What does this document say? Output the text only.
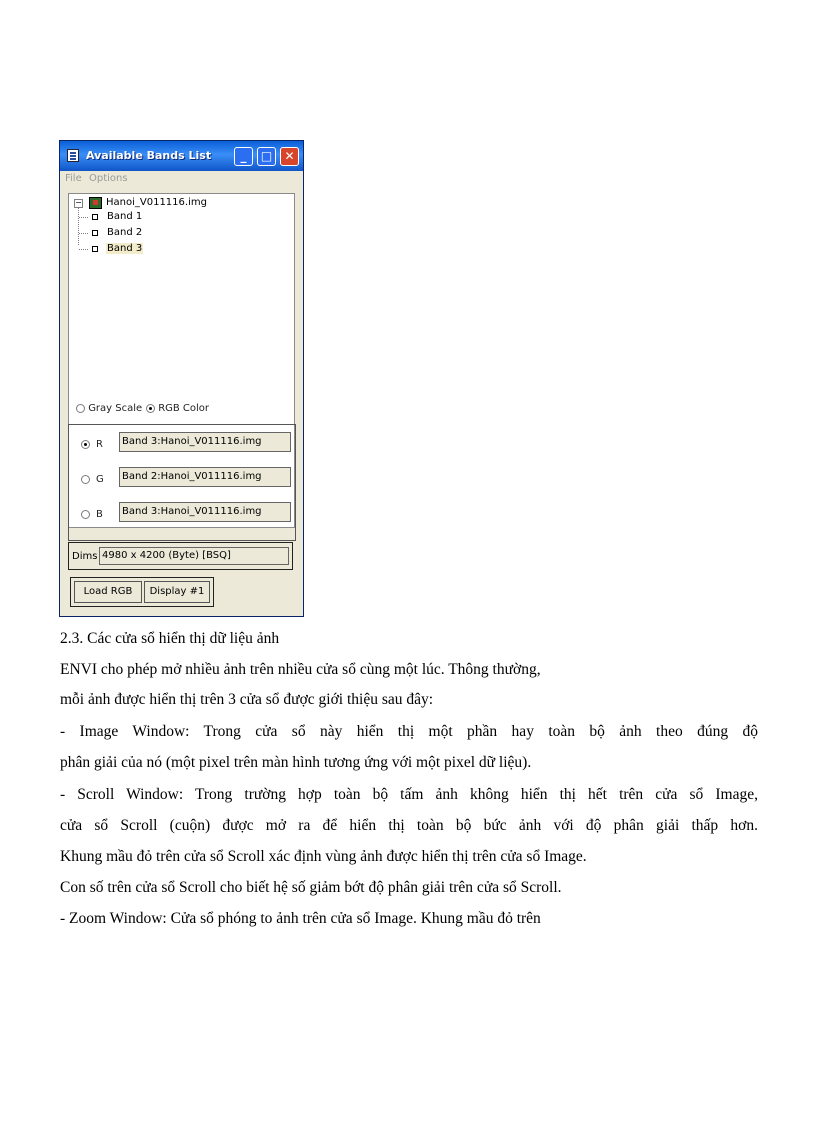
Available Bands List	_	□	✕
File Options
− Hanoi_V011116.img
Band 1
Band 2
Band 3
Gray Scale	RGB Color
R	Band 3:Hanoi_V011116.img
G	Band 2:Hanoi_V011116.img
B	Band 3:Hanoi_V011116.img
Dims 4980 x 4200 (Byte) [BSQ]
Load RGB	Display #1
2.3. Các cửa sổ hiển thị dữ liệu ảnh
ENVI cho phép mở nhiều ảnh trên nhiều cửa sổ cùng một lúc. Thông thường,
mỗi ảnh được hiển thị trên 3 cửa sổ được giới thiệu sau đây:
- Image Window: Trong cửa sổ này hiển thị một phần hay toàn bộ ảnh theo đúng độ
phân giải của nó (một pixel trên màn hình tương ứng với một pixel dữ liệu).
- Scroll Window: Trong trường hợp toàn bộ tấm ảnh không hiển thị hết trên cửa sổ Image,
cửa sổ Scroll (cuộn) được mở ra để hiển thị toàn bộ bức ảnh với độ phân giải thấp hơn.
Khung mầu đỏ trên cửa sổ Scroll xác định vùng ảnh được hiển thị trên cửa sổ Image.
Con số trên cửa sổ Scroll cho biết hệ số giảm bớt độ phân giải trên cửa sổ Scroll.
- Zoom Window: Cửa sổ phóng to ảnh trên cửa sổ Image. Khung mầu đỏ trên
